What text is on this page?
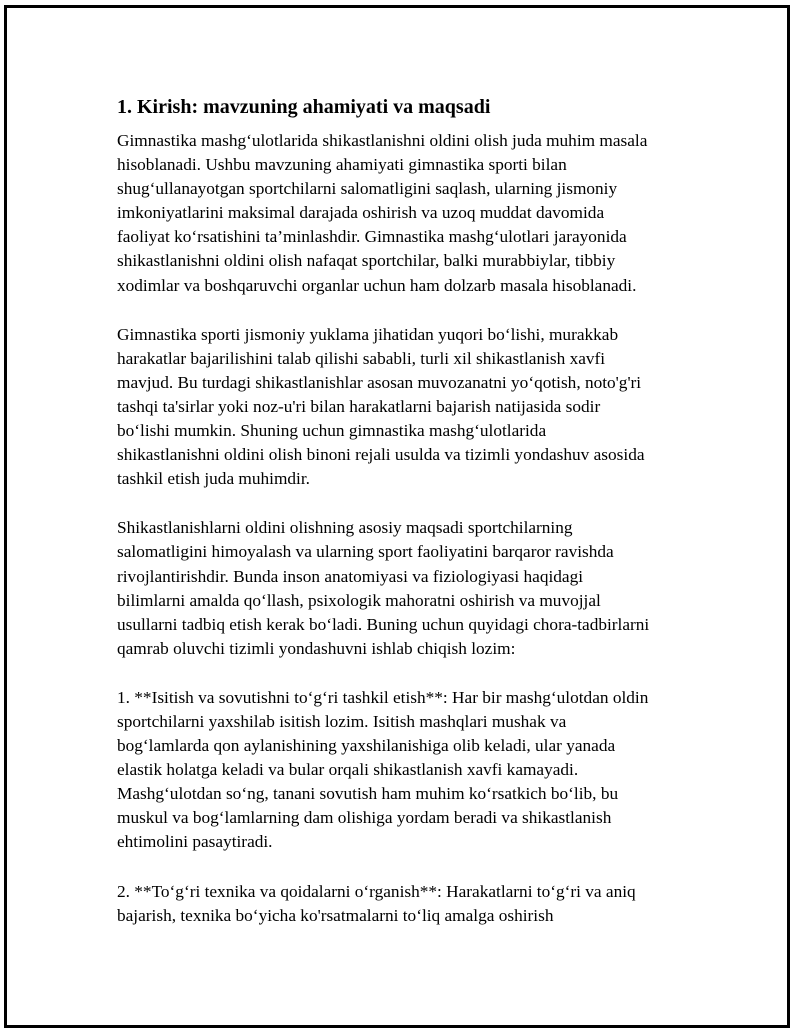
1. Kirish: mavzuning ahamiyati va maqsadi

Gimnastika mashg‘ulotlarida shikastlanishni oldini olish juda muhim masala
hisoblanadi. Ushbu mavzuning ahamiyati gimnastika sporti bilan
shug‘ullanayotgan sportchilarni salomatligini saqlash, ularning jismoniy
imkoniyatlarini maksimal darajada oshirish va uzoq muddat davomida
faoliyat ko‘rsatishini ta’minlashdir. Gimnastika mashg‘ulotlari jarayonida
shikastlanishni oldini olish nafaqat sportchilar, balki murabbiylar, tibbiy
xodimlar va boshqaruvchi organlar uchun ham dolzarb masala hisoblanadi.

Gimnastika sporti jismoniy yuklama jihatidan yuqori bo‘lishi, murakkab
harakatlar bajarilishini talab qilishi sababli, turli xil shikastlanish xavfi
mavjud. Bu turdagi shikastlanishlar asosan muvozanatni yo‘qotish, noto'g'ri
tashqi ta'sirlar yoki noz-u'ri bilan harakatlarni bajarish natijasida sodir
bo‘lishi mumkin. Shuning uchun gimnastika mashg‘ulotlarida
shikastlanishni oldini olish binoni rejali usulda va tizimli yondashuv asosida
tashkil etish juda muhimdir.

Shikastlanishlarni oldini olishning asosiy maqsadi sportchilarning
salomatligini himoyalash va ularning sport faoliyatini barqaror ravishda
rivojlantirishdir. Bunda inson anatomiyasi va fiziologiyasi haqidagi
bilimlarni amalda qo‘llash, psixologik mahoratni oshirish va muvojjal
usullarni tadbiq etish kerak bo‘ladi. Buning uchun quyidagi chora-tadbirlarni
qamrab oluvchi tizimli yondashuvni ishlab chiqish lozim:

1. **Isitish va sovutishni to‘g‘ri tashkil etish**: Har bir mashg‘ulotdan oldin
sportchilarni yaxshilab isitish lozim. Isitish mashqlari mushak va
bog‘lamlarda qon aylanishining yaxshilanishiga olib keladi, ular yanada
elastik holatga keladi va bular orqali shikastlanish xavfi kamayadi.
Mashg‘ulotdan so‘ng, tanani sovutish ham muhim ko‘rsatkich bo‘lib, bu
muskul va bog‘lamlarning dam olishiga yordam beradi va shikastlanish
ehtimolini pasaytiradi.

2. **To‘g‘ri texnika va qoidalarni o‘rganish**: Harakatlarni to‘g‘ri va aniq
bajarish, texnika bo‘yicha ko'rsatmalarni to‘liq amalga oshirish
